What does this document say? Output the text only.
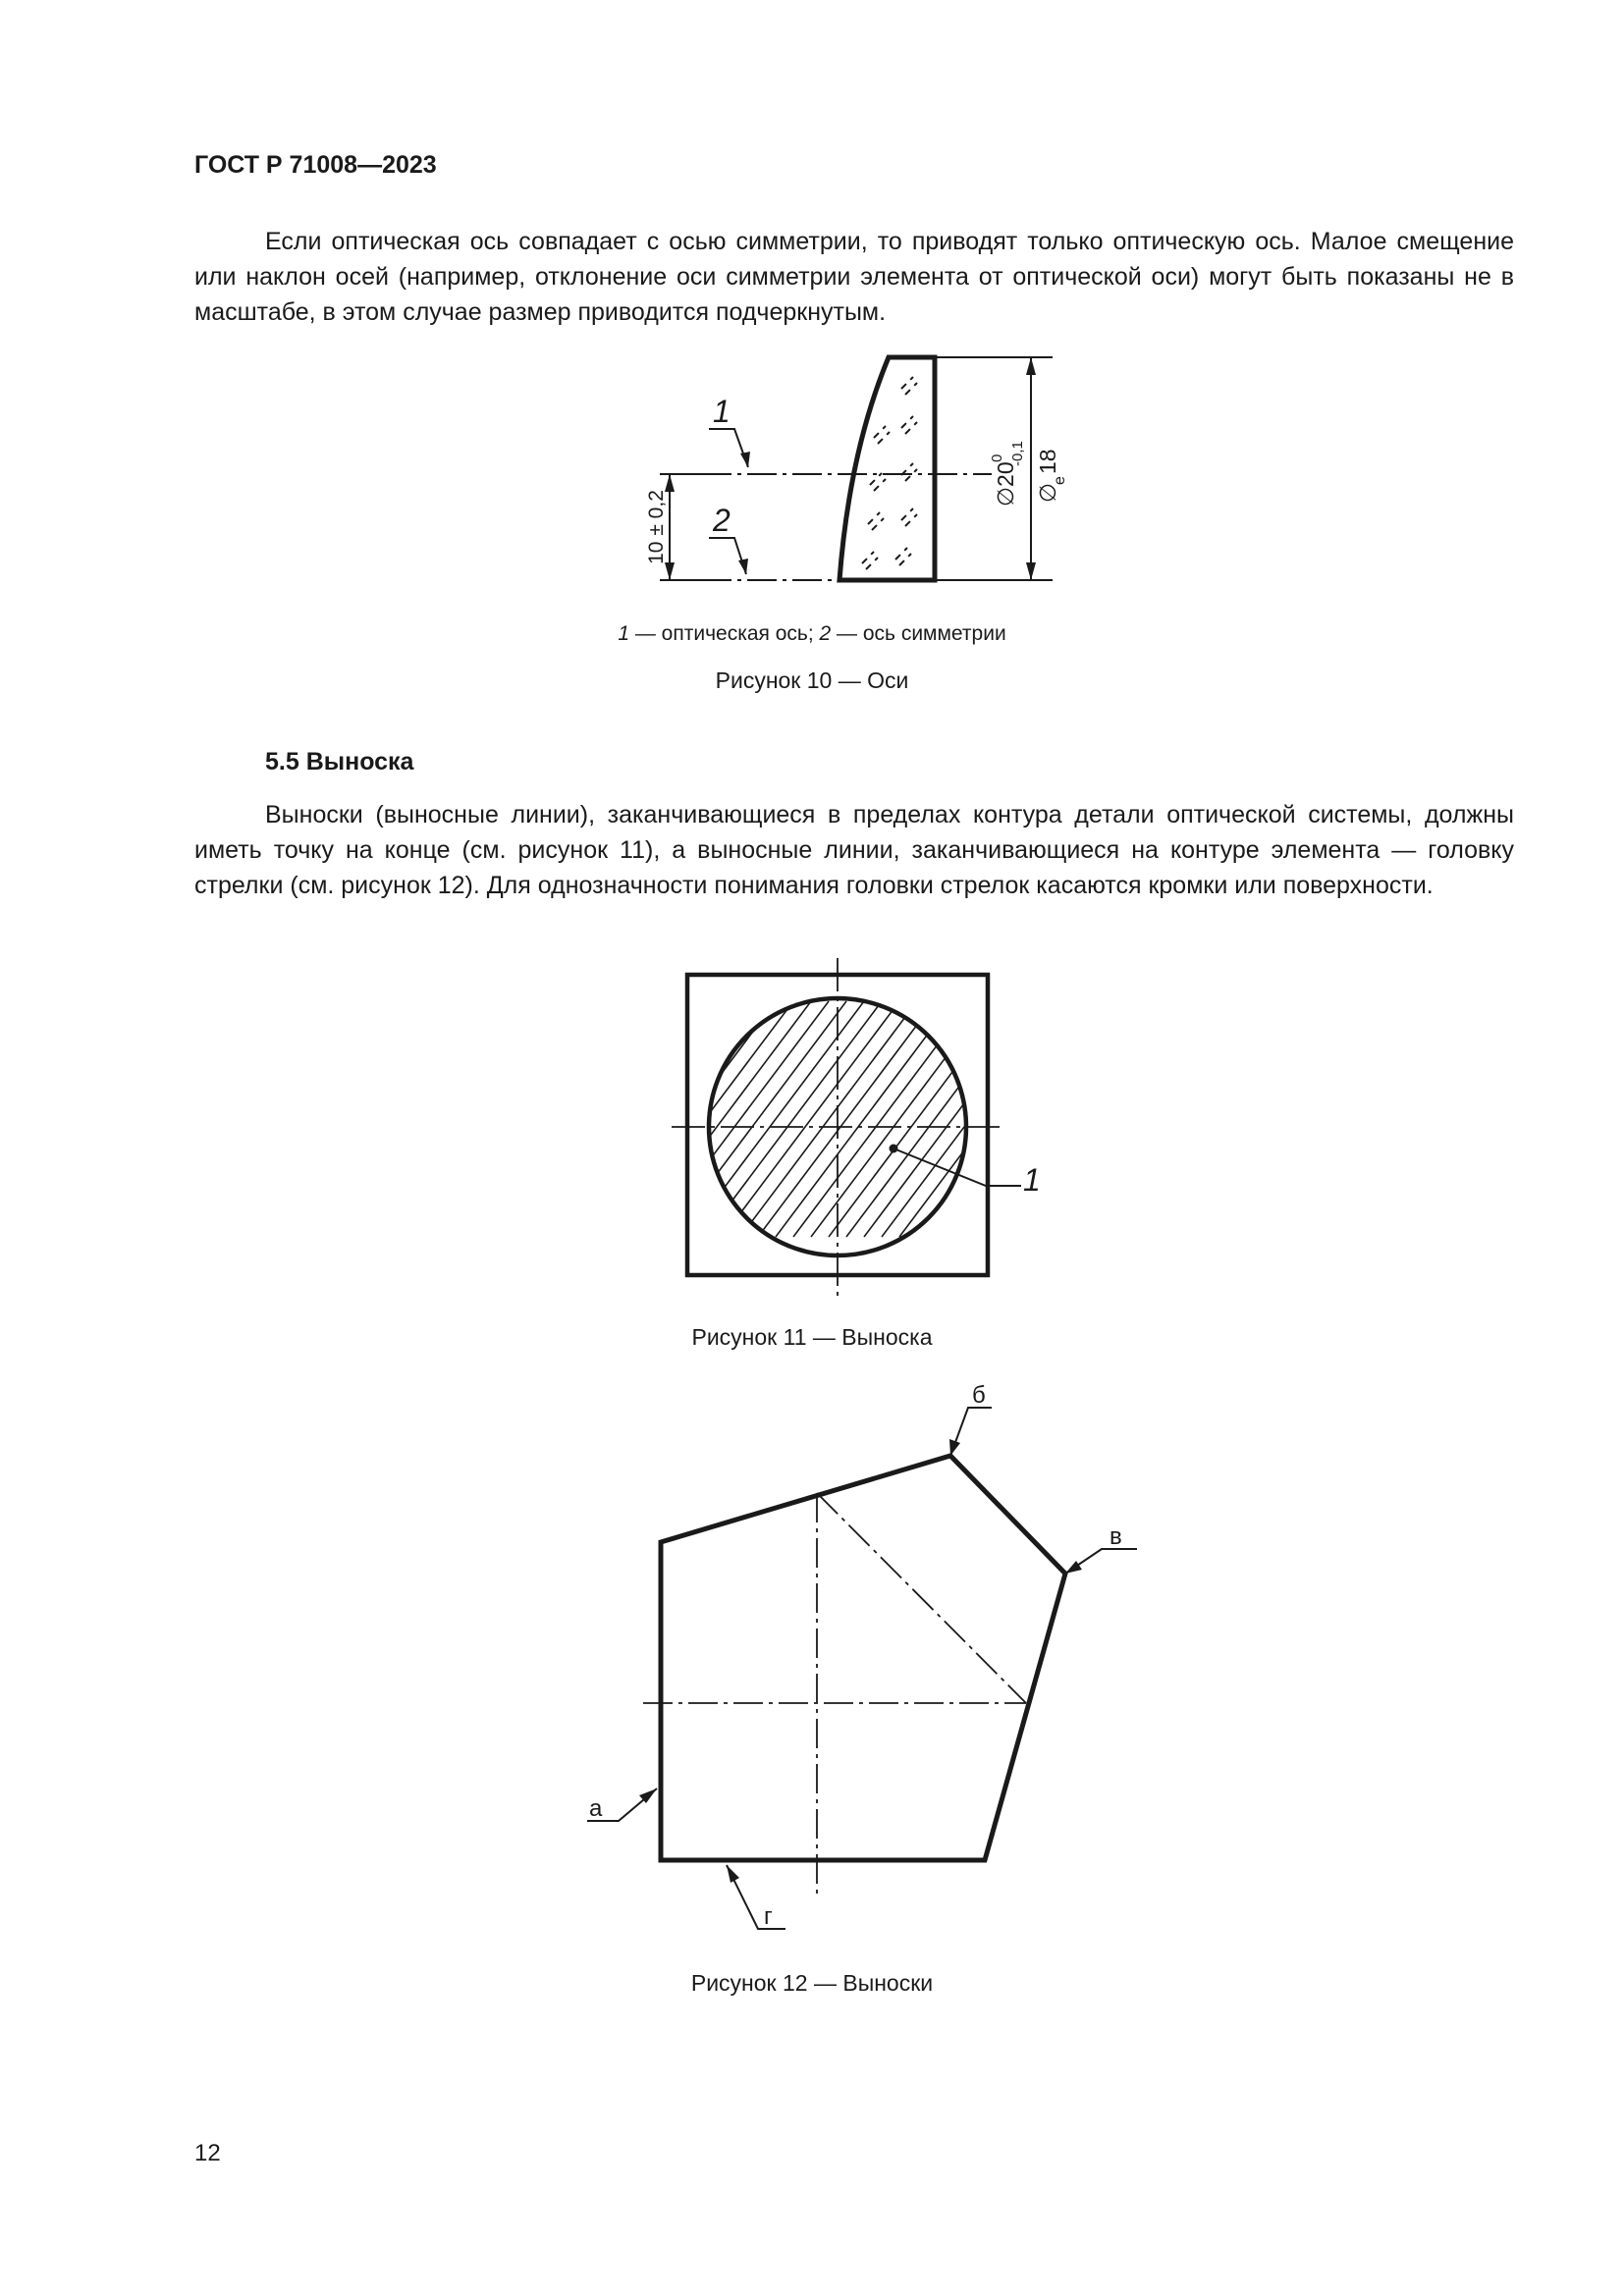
ГОСТ Р 71008—2023

Если оптическая ось совпадает с осью симметрии, то приводят только оптическую ось. Малое смещение или наклон осей (например, отклонение оси симметрии элемента от оптической оси) могут быть показаны не в масштабе, в этом случае размер приводится подчеркнутым.

1
2
10 ± 0,2
∅20
0 -0,1
∅
e
18
1 — оптическая ось; 2 — ось симметрии
Рисунок 10 — Оси
5.5 Выноска

Выноски (выносные линии), заканчивающиеся в пределах контура детали оптической системы, должны иметь точку на конце (см. рисунок 11), а выносные линии, заканчивающиеся на контуре элемента — головку стрелки (см. рисунок 12). Для однозначности понимания головки стрелок касаются кромки или поверхности.

1
Рисунок 11 — Выноска
а
б
в
г
Рисунок 12 — Выноски
12
